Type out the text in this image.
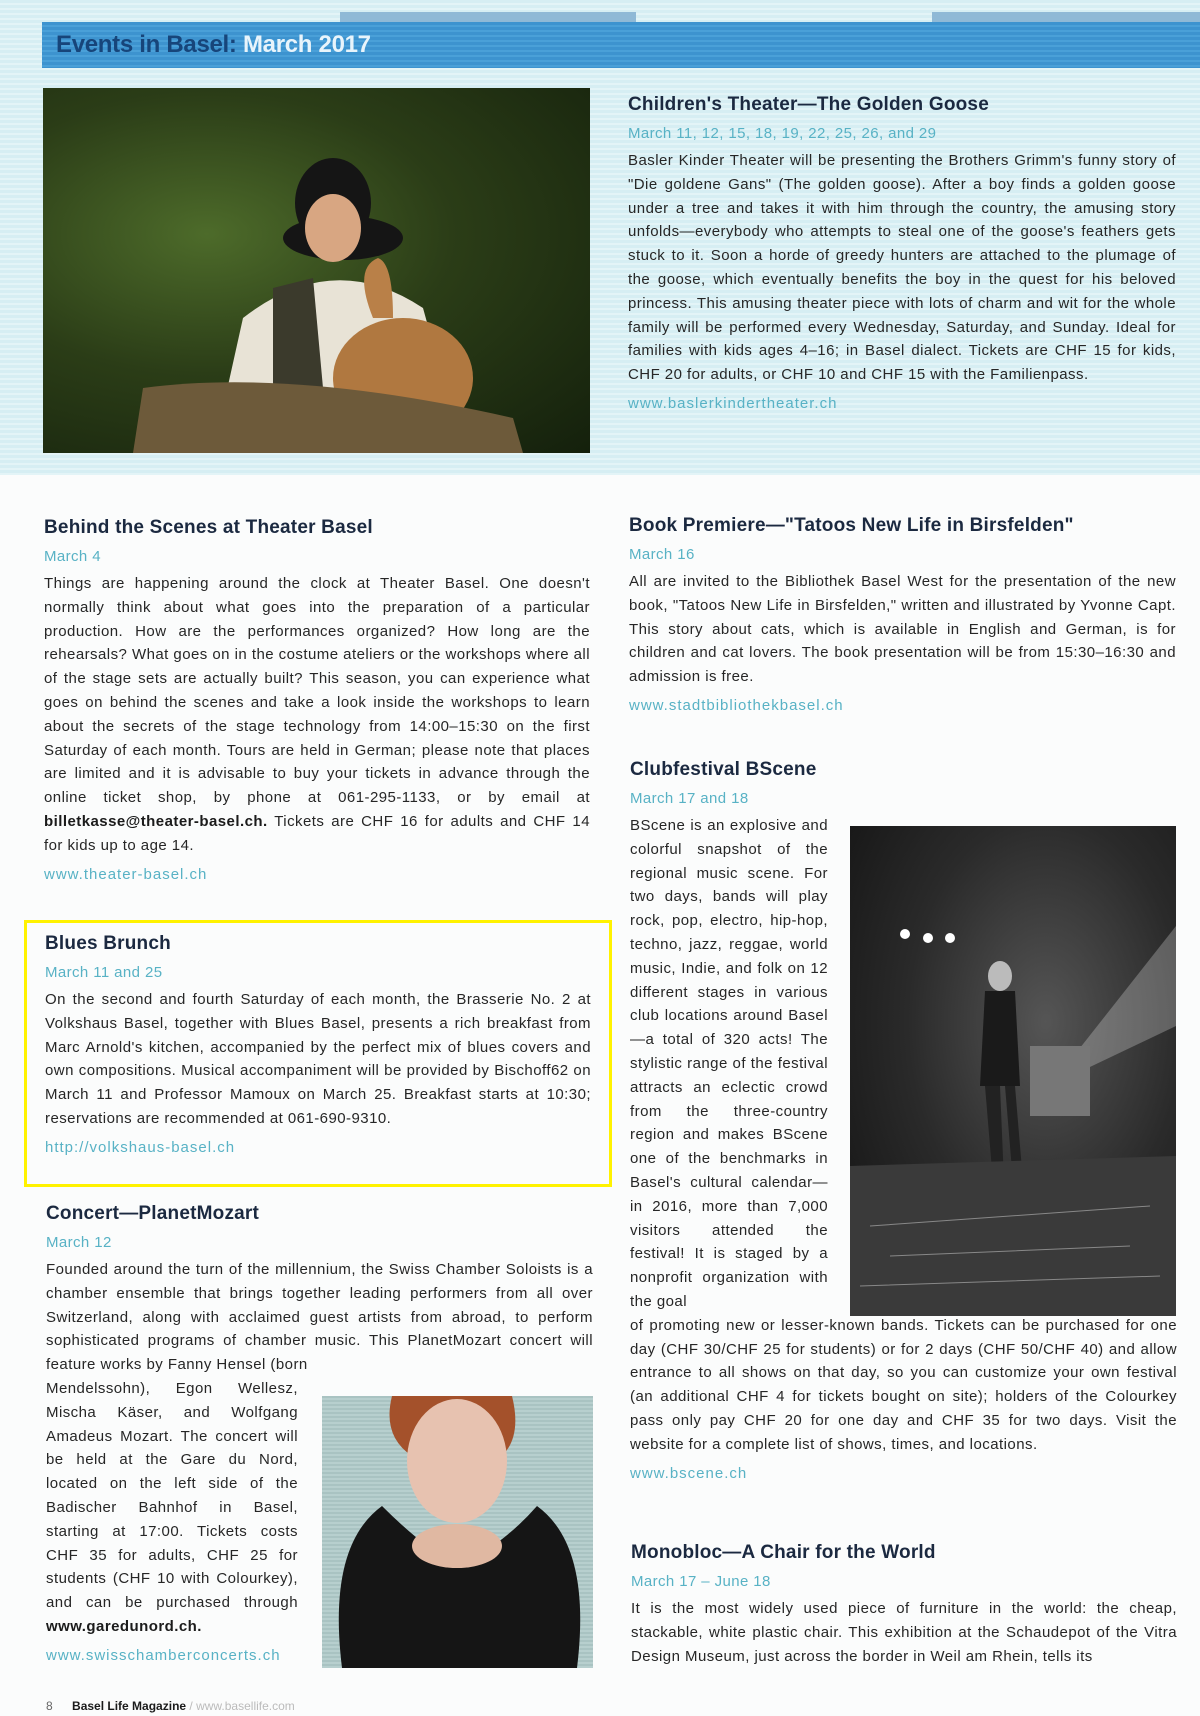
Events in Basel: March 2017
Children's Theater—The Golden Goose
March 11, 12, 15, 18, 19, 22, 25, 26, and 29

Basler Kinder Theater will be presenting the Brothers Grimm's funny story of "Die goldene Gans" (The golden goose). After a boy finds a golden goose under a tree and takes it with him through the country, the amusing story unfolds—everybody who attempts to steal one of the goose's feathers gets stuck to it. Soon a horde of greedy hunters are attached to the plumage of the goose, which eventually benefits the boy in the quest for his beloved princess. This amusing theater piece with lots of charm and wit for the whole family will be performed every Wednesday, Saturday, and Sunday. Ideal for families with kids ages 4–16; in Basel dialect. Tickets are CHF 15 for kids, CHF 20 for adults, or CHF 10 and CHF 15 with the Familienpass.

www.baslerkindertheater.ch
Behind the Scenes at Theater Basel
March 4

Things are happening around the clock at Theater Basel. One doesn't normally think about what goes into the preparation of a particular production. How are the performances organized? How long are the rehearsals? What goes on in the costume ateliers or the workshops where all of the stage sets are actually built? This season, you can experience what goes on behind the scenes and take a look inside the workshops to learn about the secrets of the stage technology from 14:00–15:30 on the first Saturday of each month. Tours are held in German; please note that places are limited and it is advisable to buy your tickets in advance through the online ticket shop, by phone at 061-295-1133, or by email at billetkasse@theater-basel.ch. Tickets are CHF 16 for adults and CHF 14 for kids up to age 14.

www.theater-basel.ch
Blues Brunch
March 11 and 25

On the second and fourth Saturday of each month, the Brasserie No. 2 at Volkshaus Basel, together with Blues Basel, presents a rich breakfast from Marc Arnold's kitchen, accompanied by the perfect mix of blues covers and own compositions. Musical accompaniment will be provided by Bischoff62 on March 11 and Professor Mamoux on March 25. Breakfast starts at 10:30; reservations are recommended at 061-690-9310.

http://volkshaus-basel.ch
Concert—PlanetMozart
March 12

Founded around the turn of the millennium, the Swiss Chamber Soloists is a chamber ensemble that brings together leading performers from all over Switzerland, along with acclaimed guest artists from abroad, to perform sophisticated programs of chamber music. This PlanetMozart concert will feature works by Fanny Hensel (born

Mendelssohn), Egon Wellesz, Mischa Käser, and Wolfgang Amadeus Mozart. The concert will be held at the Gare du Nord, located on the left side of the Badischer Bahnhof in Basel, starting at 17:00. Tickets costs CHF 35 for adults, CHF 25 for students (CHF 10 with Colourkey), and can be purchased through www.garedunord.ch.

www.swisschamberconcerts.ch
Book Premiere—"Tatoos New Life in Birsfelden"
March 16

All are invited to the Bibliothek Basel West for the presentation of the new book, "Tatoos New Life in Birsfelden," written and illustrated by Yvonne Capt. This story about cats, which is available in English and German, is for children and cat lovers. The book presentation will be from 15:30–16:30 and admission is free.

www.stadtbibliothekbasel.ch
Clubfestival BScene
March 17 and 18

BScene is an explosive and colorful snapshot of the regional music scene. For two days, bands will play rock, pop, electro, hip-hop, techno, jazz, reggae, world music, Indie, and folk on 12 different stages in various club locations around Basel—a total of 320 acts! The stylistic range of the festival attracts an eclectic crowd from the three-country region and makes BScene one of the benchmarks in Basel's cultural calendar—in 2016, more than 7,000 visitors attended the festival! It is staged by a nonprofit organization with the goal

of promoting new or lesser-known bands. Tickets can be purchased for one day (CHF 30/CHF 25 for students) or for 2 days (CHF 50/CHF 40) and allow entrance to all shows on that day, so you can customize your own festival (an additional CHF 4 for tickets bought on site); holders of the Colourkey pass only pay CHF 20 for one day and CHF 35 for two days. Visit the website for a complete list of shows, times, and locations.

www.bscene.ch
Monobloc—A Chair for the World
March 17 – June 18

It is the most widely used piece of furniture in the world: the cheap, stackable, white plastic chair. This exhibition at the Schaudepot of the Vitra Design Museum, just across the border in Weil am Rhein, tells its

8 Basel Life Magazine / www.basellife.com
